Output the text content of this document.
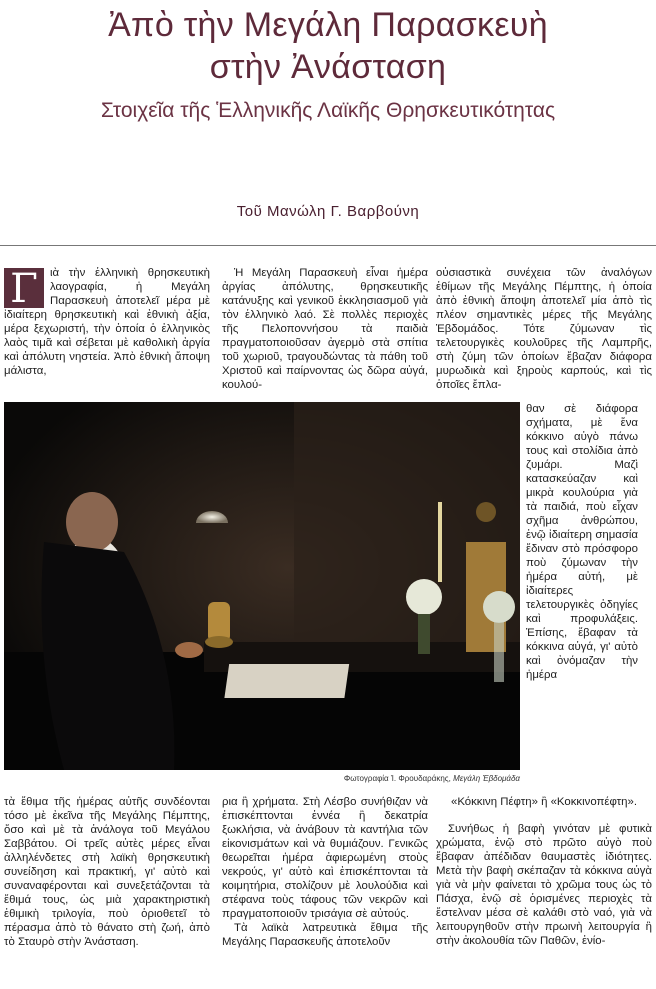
Ἀπὸ τὴν Μεγάλη Παρασκευὴ
στὴν Ἀνάσταση
Στοιχεῖα τῆς Ἑλληνικῆς Λαϊκῆς Θρησκευτικότητας
Τοῦ Μανώλη Γ. Βαρβούνη
Γ	ιὰ τὴν ἑλληνικὴ θρησκευτικὴ λαογραφία, ἡ Μεγάλη Παρασκευὴ ἀποτελεῖ μέρα μὲ ἰδιαίτερη θρησκευτικὴ καὶ ἐθνικὴ ἀξία, μέρα ξεχωριστή, τὴν ὁποία ὁ ἑλληνικὸς λαὸς τιμᾶ καὶ σέβεται μὲ καθολικὴ ἀργία καὶ ἀπόλυτη νηστεία. Ἀπὸ ἐθνικὴ ἄποψη μάλιστα,

Ἡ Μεγάλη Παρασκευὴ εἶναι ἡμέρα ἀργίας ἀπόλυτης, θρησκευτικῆς κατάνυξης καὶ γενικοῦ ἐκκλησιασμοῦ γιὰ τὸν ἑλληνικὸ λαό. Σὲ πολλὲς περιοχὲς τῆς Πελοποννήσου τὰ παιδιὰ πραγματοποιοῦσαν ἀγερμὸ στὰ σπίτια τοῦ χωριοῦ, τραγουδώντας τὰ πάθη τοῦ Χριστοῦ καὶ παίρνοντας ὡς δῶρα αὐγά, κουλού-

οὐσιαστικὰ συνέχεια τῶν ἀναλόγων ἐθίμων τῆς Μεγάλης Πέμπτης, ἡ ὁποία ἀπὸ ἐθνικὴ ἄποψη ἀποτελεῖ μία ἀπὸ τὶς πλέον σημαντικὲς μέρες τῆς Μεγάλης Ἑβδομάδος. Τότε ζύμωναν τὶς τελετουργικὲς κουλοῦρες τῆς Λαμπρῆς, στὴ ζύμη τῶν ὁποίων ἔβαζαν διάφορα μυρωδικὰ καὶ ξηροὺς καρπούς, καὶ τὶς ὁποῖες ἔπλα-

θαν σὲ διάφορα σχήματα, μὲ ἕνα κόκκινο αὐγὸ πάνω τους καὶ στολίδια ἀπὸ ζυμάρι. Μαζὶ κατασκεύαζαν καὶ μικρὰ κουλούρια γιὰ τὰ παιδιά, ποὺ εἶχαν σχῆμα ἀνθρώπου, ἐνῷ ἰδιαίτερη σημασία ἔδιναν στὸ πρόσφορο ποὺ ζύμωναν τὴν ἡμέρα αὐτή, μὲ ἰδιαίτερες τελετουργικὲς ὁδηγίες καὶ προφυλάξεις. Ἐπίσης, ἔβαφαν τὰ κόκκινα αὐγά, γι' αὐτὸ καὶ ὀνόμαζαν τὴν ἡμέρα

Φωτογραφία Ἰ. Φρουδαράκης, Μεγάλη Ἑβδομάδα

«Κόκκινη Πέφτη» ἢ «Κοκκινοπέφτη».

τὰ ἔθιμα τῆς ἡμέρας αὐτῆς συνδέονται τόσο μὲ ἐκεῖνα τῆς Μεγάλης Πέμπτης, ὅσο καὶ μὲ τὰ ἀνάλογα τοῦ Μεγάλου Σαββάτου. Οἱ τρεῖς αὐτὲς μέρες εἶναι ἀλληλένδετες στὴ λαϊκὴ θρησκευτικὴ συνείδηση καὶ πρακτική, γι' αὐτὸ καὶ συναναφέρονται καὶ συνεξετάζονται τὰ ἔθιμά τους, ὡς μιὰ χαρακτηριστικὴ ἐθιμικὴ τριλογία, ποὺ ὁριοθετεῖ τὸ πέρασμα ἀπὸ τὸ θάνατο στὴ ζωή, ἀπὸ τὸ Σταυρὸ στὴν Ἀνάσταση.

ρια ἢ χρήματα. Στὴ Λέσβο συνήθιζαν νὰ ἐπισκέπτονται ἐννέα ἢ δεκατρία ξωκλήσια, νὰ ἀνάβουν τὰ καντήλια τῶν εἰκονισμάτων καὶ νὰ θυμιάζουν. Γενικῶς θεωρεῖται ἡμέρα ἀφιερωμένη στοὺς νεκρούς, γι' αὐτὸ καὶ ἐπισκέπτονται τὰ κοιμητήρια, στολίζουν μὲ λουλούδια καὶ στέφανα τοὺς τάφους τῶν νεκρῶν καὶ πραγματοποιοῦν τρισάγια σὲ αὐτούς.

Τὰ λαϊκὰ λατρευτικὰ ἔθιμα τῆς Μεγάλης Παρασκευῆς ἀποτελοῦν

Συνήθως ἡ βαφὴ γινόταν μὲ φυτικὰ χρώματα, ἐνῷ στὸ πρῶτο αὐγὸ ποὺ ἔβαφαν ἀπέδιδαν θαυμαστὲς ἰδιότητες. Μετὰ τὴν βαφὴ σκέπαζαν τὰ κόκκινα αὐγὰ γιὰ νὰ μὴν φαίνεται τὸ χρῶμα τους ὡς τὸ Πάσχα, ἐνῷ σὲ ὁρισμένες περιοχὲς τὰ ἔστελναν μέσα σὲ καλάθι στὸ ναό, γιὰ νὰ λειτουργηθοῦν στὴν πρωινὴ λειτουργία ἢ στὴν ἀκολουθία τῶν Παθῶν, ἐνίο-
